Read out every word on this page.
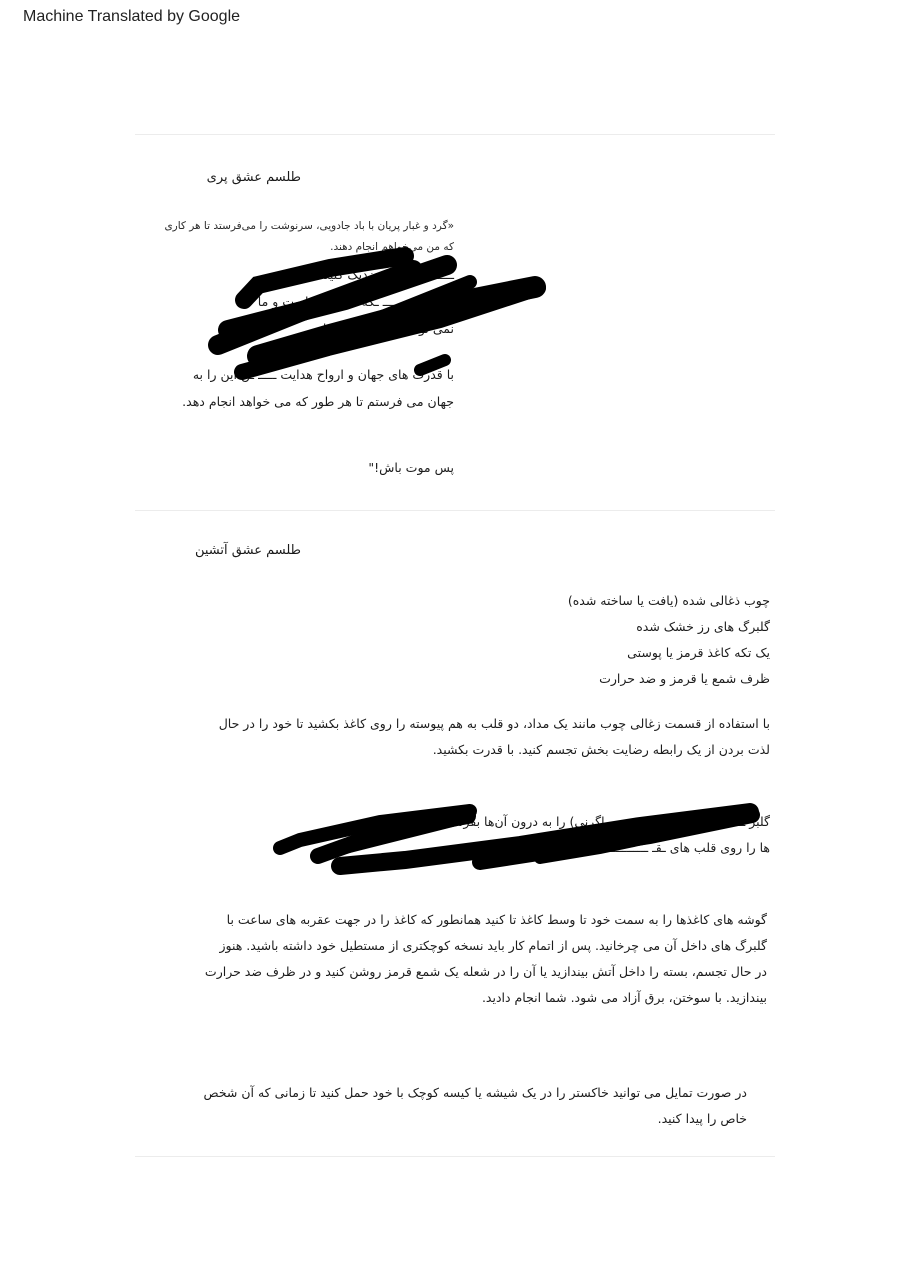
Machine Translated by Google
طلسم عشق پری
«گرد و غبار پریان با باد جادویی، سرنوشت را می‌فرستد تا هر کاری
که من می‌خواهم انجام دهند.
ــــــ ـاد به هم نزدیک کنید.
ـصیتش ــــــــ ـکه اگر چنین است و ما
نمی توا ــــــــــــــ ـت بدار.
با قدرت های جهان و ارواح هدایت ـــــ ـن این را به
جهان می فرستم تا هر طور که می خواهد انجام دهد.
پس موت باش!"
طلسم عشق آتشین
چوب ذغالی شده (یافت یا ساخته شده)
گلبرگ های رز خشک شده
یک تکه کاغذ قرمز یا پوستی
ظرف شمع یا قرمز و ضد حرارت
با استفاده از قسمت زغالی چوب مانند یک مداد، دو قلب به هم پیوسته را روی کاغذ بکشید تا خود را در حال
لذت بردن از یک رابطه رضایت بخش تجسم کنید. با قدرت بکشید.
گلبر ـــــــ ـگـس ـد ـه ا ـــــــــ ـاگرنی) را به درون آن‌ها بفرستید. گلبرگ
ها را روی قلب های ـقـ ـــــــــــــ
گوشه های کاغذها را به سمت خود تا وسط کاغذ تا کنید همانطور که کاغذ را در جهت عقربه های ساعت با
گلبرگ های داخل آن می چرخانید. پس از اتمام کار باید نسخه کوچکتری از مستطیل خود داشته باشید. هنوز
در حال تجسم، بسته را داخل آتش بیندازید یا آن را در شعله یک شمع قرمز روشن کنید و در ظرف ضد حرارت
بیندازید. با سوختن، برق آزاد می شود. شما انجام دادید.
در صورت تمایل می توانید خاکستر را در یک شیشه یا کیسه کوچک با خود حمل کنید تا زمانی که آن شخص
خاص را پیدا کنید.
